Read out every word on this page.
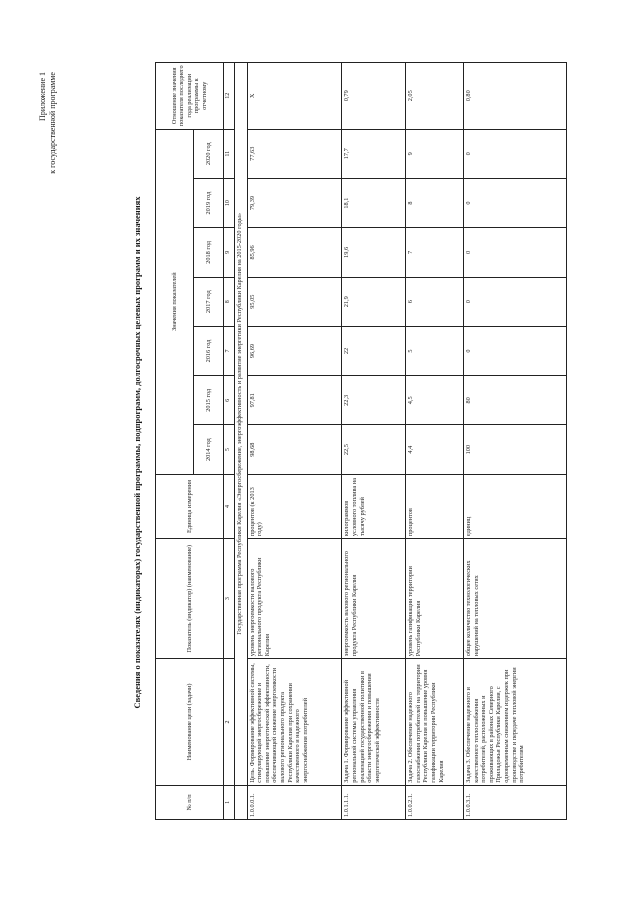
Приложение 1 к государственной программе
Сведения о показателях (индикаторах) государственной программы, подпрограмм, долгосрочных целевых программ и их значениях
№ п/п	Наименование цели (задачи)	Показатель (индикатор) (наименование)	Единица измерения	Значения показателей							Отношение значения показателя последнего года реализации программы к отчетному
				2014 год	2015 год	2016 год	2017 год	2018 год	2019 год	2020 год	
1	2	3	4	5	6	7	8	9	10	11	12
	Государственная программа Республики Карелия «Энергосбережение, энергоэффективность и развитие энергетики Республики Карелия на 2015-2020 годы»										
1.0.0.0.1.	Цель. Формирование эффективной системы, стимулирующей энергосбережение и повышение энергетической эффективности, обеспечивающей снижение энергоемкости валового регионального продукта Республики Карелия при сохранении качественного и надежного энергоснабжения потребителей	уровень энергоемкости валового регионального продукта Республики Карелия	процентов (к 2013 году)	98,68	97,81	96,69	95,05	85,96	79,39	77,63	Х
1.0.1.1.1.	Задача 1. Формирование эффективной региональной системы управления реализацией государственной политики в области энергосбережения и повышения энергетической эффективности	энергоемкость валового регионального продукта Республики Карелия	килограммов условного топлива на тысячу рублей	22,5	22,3	22	21,9	19,6	18,1	17,7	0,79
1.0.0.2.1.	Задача 2. Обеспечение надежного газоснабжения потребителей на территории Республики Карелия и повышение уровня газификации территории Республики Карелия	уровень газификации территории Республики Карелия	процентов	4,4	4,5	5	6	7	8	9	2,05
1.0.0.3.1.	Задача 3. Обеспечение надежного и качественного теплоснабжения потребителей, расположенных и проживающих в районах Северного Приладожья Республики Карелия, с одновременным снижением издержек при производстве и передаче тепловой энергии потребителям	общее количество технологических нарушений на тепловых сетях	единиц	100	80	0	0	0	0	0	0,80
